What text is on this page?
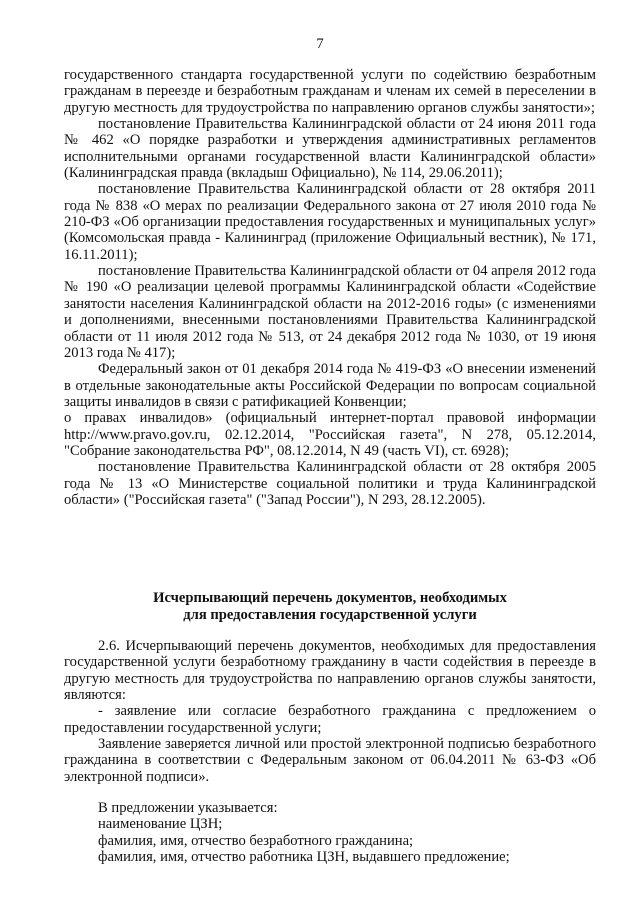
7

государственного стандарта государственной услуги по содействию безработным гражданам в переезде и безработным гражданам и членам их семей в переселении в другую местность для трудоустройства по направлению органов службы занятости»;

постановление Правительства Калининградской области от 24 июня 2011 года № 462 «О порядке разработки и утверждения административных регламентов исполнительными органами государственной власти Калининградской области» (Калининградская правда (вкладыш Официально), № 114, 29.06.2011);

постановление Правительства Калининградской области от 28 октября 2011 года № 838 «О мерах по реализации Федерального закона от 27 июля 2010 года № 210-ФЗ «Об организации предоставления государственных и муниципальных услуг» (Комсомольская правда - Калининград (приложение Официальный вестник), № 171, 16.11.2011);

постановление Правительства Калининградской области от 04 апреля 2012 года № 190 «О реализации целевой программы Калининградской области «Содействие занятости населения Калининградской области на 2012-2016 годы» (с изменениями и дополнениями, внесенными постановлениями Правительства Калининградской области от 11 июля 2012 года № 513, от 24 декабря 2012 года № 1030, от 19 июня 2013 года № 417);

Федеральный закон от 01 декабря 2014 года № 419-ФЗ «О внесении изменений в отдельные законодательные акты Российской Федерации по вопросам социальной защиты инвалидов в связи с ратификацией Конвенции;

о правах инвалидов» (официальный интернет-портал правовой информации http://www.pravo.gov.ru, 02.12.2014, "Российская газета", N 278, 05.12.2014, "Собрание законодательства РФ", 08.12.2014, N 49 (часть VI), ст. 6928);

постановление Правительства Калининградской области от 28 октября 2005 года № 13 «О Министерстве социальной политики и труда Калининградской области» ("Российская газета" ("Запад России"), N 293, 28.12.2005).

Исчерпывающий перечень документов, необходимых

для предоставления государственной услуги

2.6. Исчерпывающий перечень документов, необходимых для предоставления государственной услуги безработному гражданину в части содействия в переезде в другую местность для трудоустройства по направлению органов службы занятости, являются:

- заявление или согласие безработного гражданина с предложением о предоставлении государственной услуги;

Заявление заверяется личной или простой электронной подписью безработного гражданина в соответствии с Федеральным законом от 06.04.2011 № 63-ФЗ «Об электронной подписи».

В предложении указывается:

наименование ЦЗН;

фамилия, имя, отчество безработного гражданина;

фамилия, имя, отчество работника ЦЗН, выдавшего предложение;
